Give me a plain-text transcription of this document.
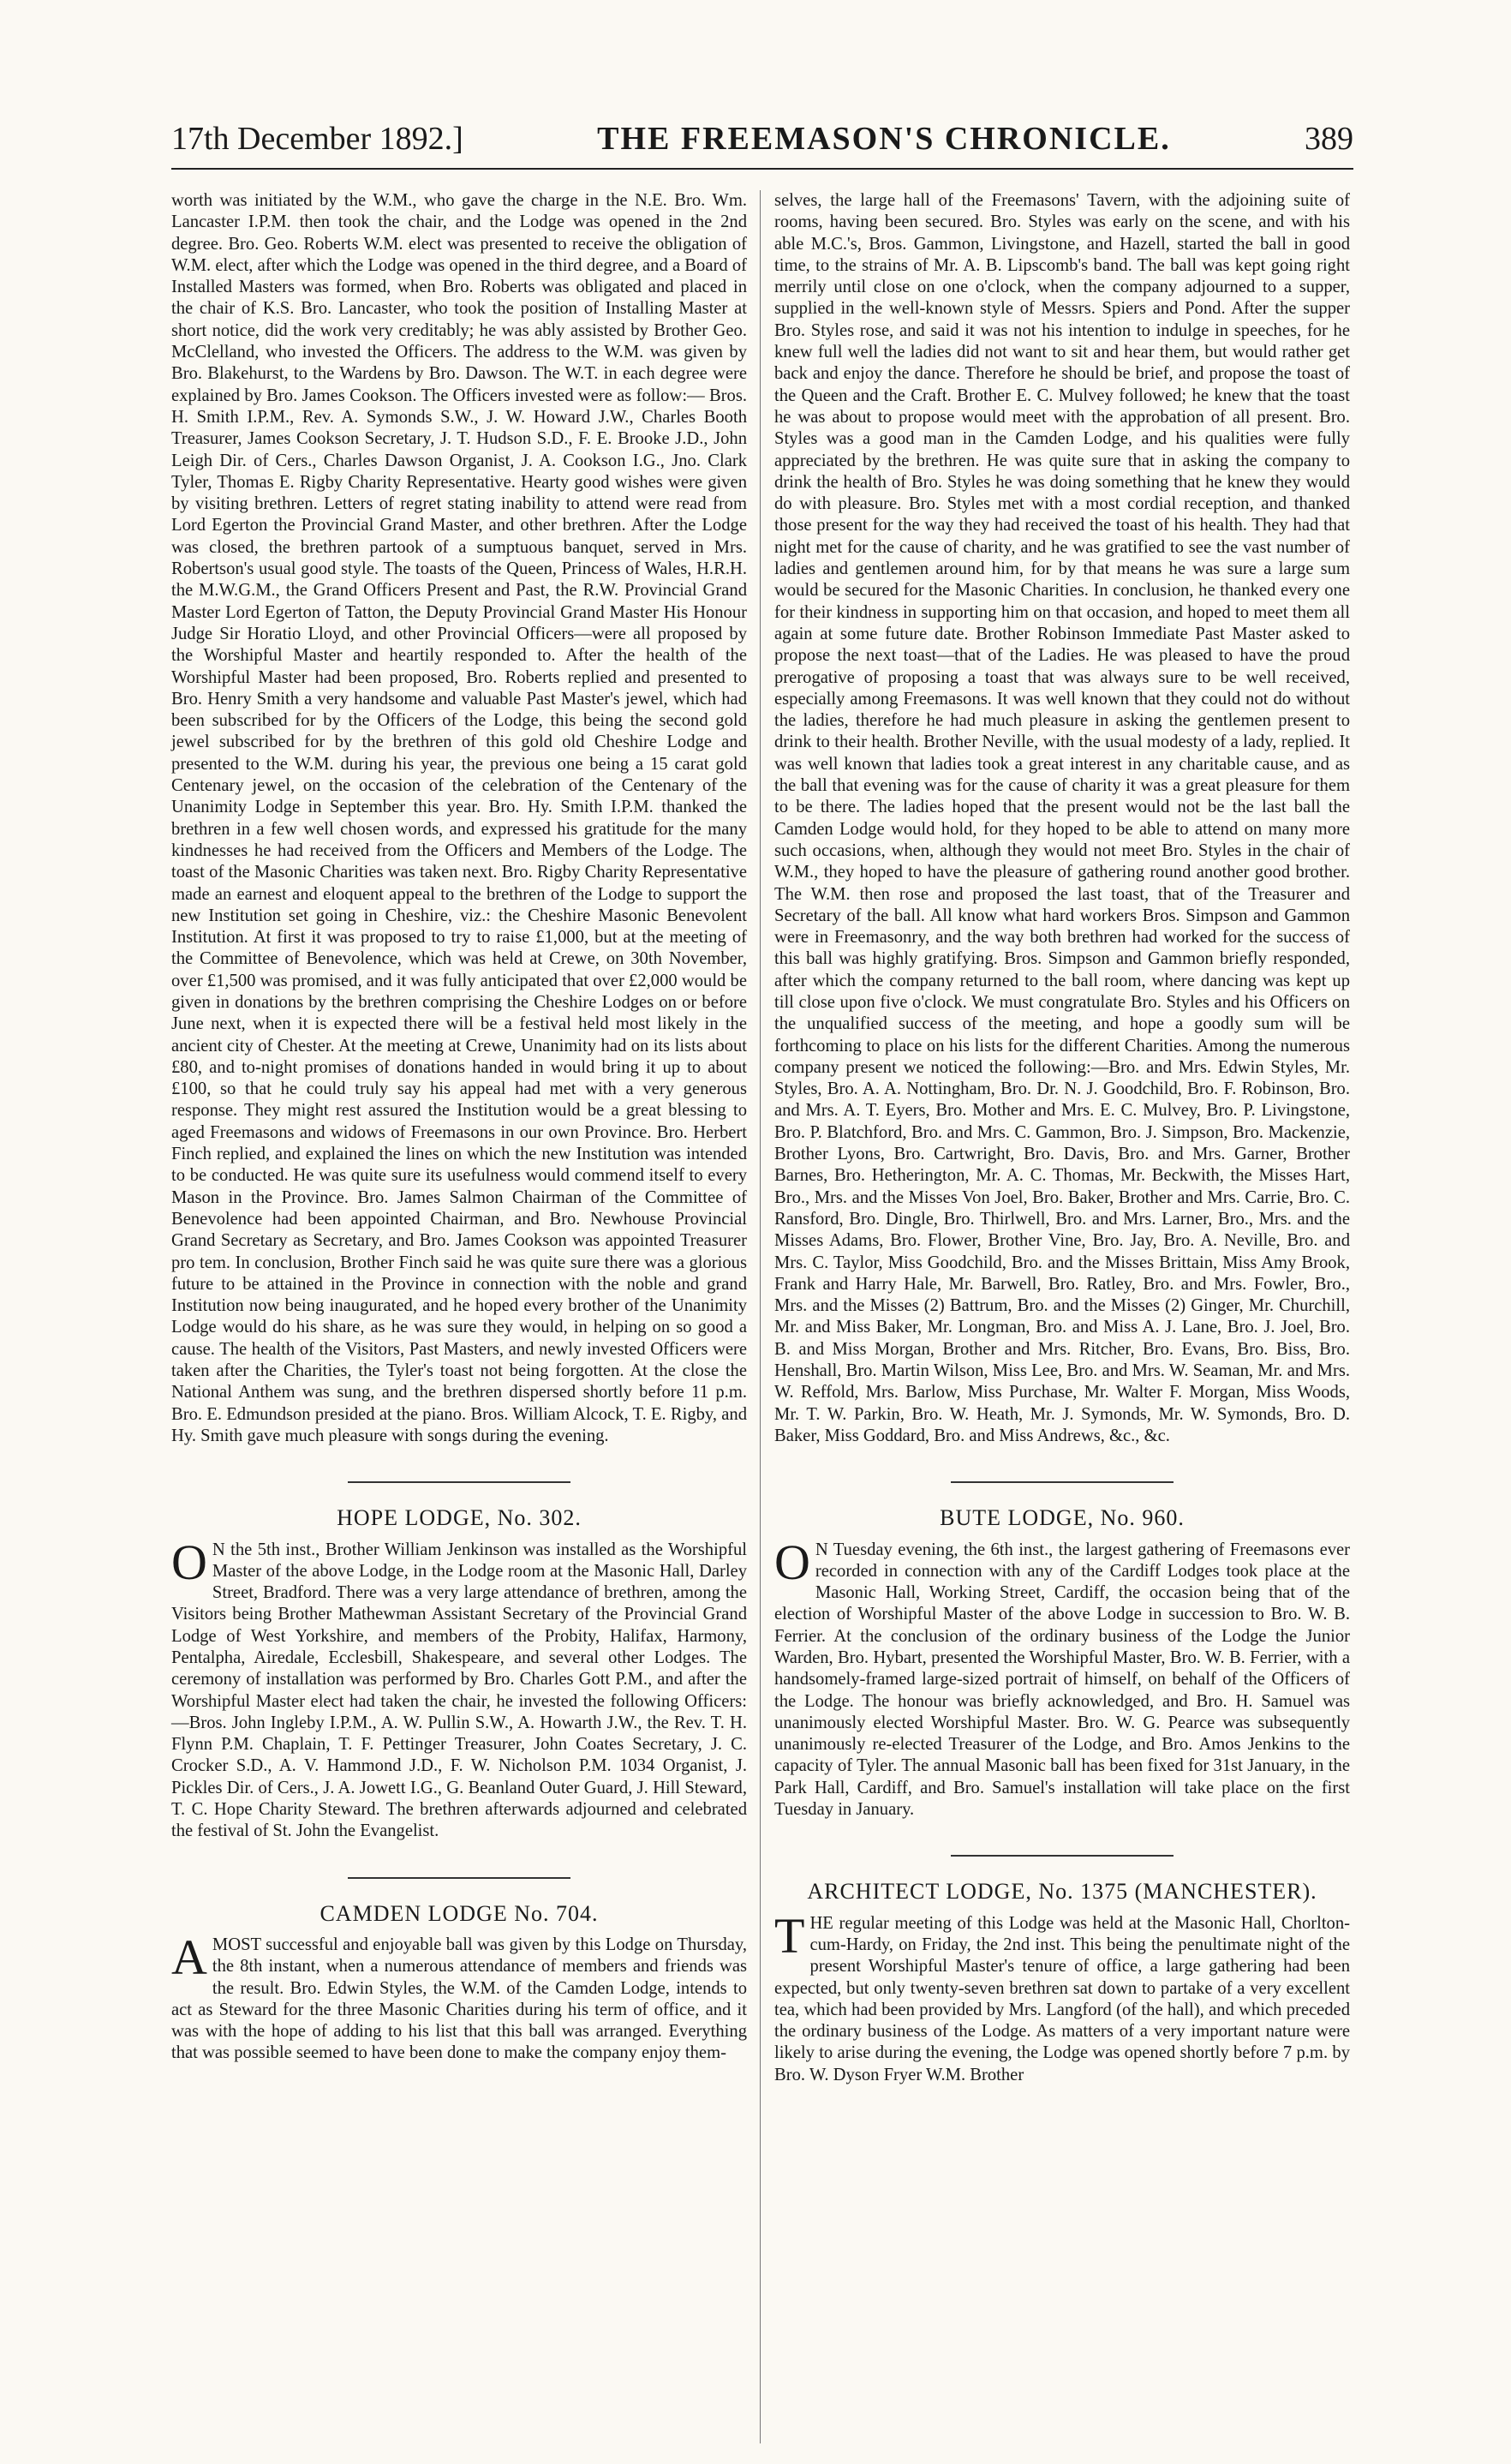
17th December 1892.]	THE FREEMASON'S CHRONICLE.	389

worth was initiated by the W.M., who gave the charge in the N.E. Bro. Wm. Lancaster I.P.M. then took the chair, and the Lodge was opened in the 2nd degree. Bro. Geo. Roberts W.M. elect was presented to receive the obligation of W.M. elect, after which the Lodge was opened in the third degree, and a Board of Installed Masters was formed, when Bro. Roberts was obligated and placed in the chair of K.S. Bro. Lancaster, who took the position of Installing Master at short notice, did the work very creditably; he was ably assisted by Brother Geo. McClelland, who invested the Officers. The address to the W.M. was given by Bro. Blakehurst, to the Wardens by Bro. Dawson. The W.T. in each degree were explained by Bro. James Cookson. The Officers invested were as follow:— Bros. H. Smith I.P.M., Rev. A. Symonds S.W., J. W. Howard J.W., Charles Booth Treasurer, James Cookson Secretary, J. T. Hudson S.D., F. E. Brooke J.D., John Leigh Dir. of Cers., Charles Dawson Organist, J. A. Cookson I.G., Jno. Clark Tyler, Thomas E. Rigby Charity Representative. Hearty good wishes were given by visiting brethren. Letters of regret stating inability to attend were read from Lord Egerton the Provincial Grand Master, and other brethren. After the Lodge was closed, the brethren partook of a sumptuous banquet, served in Mrs. Robertson's usual good style. The toasts of the Queen, Princess of Wales, H.R.H. the M.W.G.M., the Grand Officers Present and Past, the R.W. Provincial Grand Master Lord Egerton of Tatton, the Deputy Provincial Grand Master His Honour Judge Sir Horatio Lloyd, and other Provincial Officers—were all proposed by the Worshipful Master and heartily responded to. After the health of the Worshipful Master had been proposed, Bro. Roberts replied and presented to Bro. Henry Smith a very handsome and valuable Past Master's jewel, which had been subscribed for by the Officers of the Lodge, this being the second gold jewel subscribed for by the brethren of this gold old Cheshire Lodge and presented to the W.M. during his year, the previous one being a 15 carat gold Centenary jewel, on the occasion of the celebration of the Centenary of the Unanimity Lodge in September this year. Bro. Hy. Smith I.P.M. thanked the brethren in a few well chosen words, and expressed his gratitude for the many kindnesses he had received from the Officers and Members of the Lodge. The toast of the Masonic Charities was taken next. Bro. Rigby Charity Representative made an earnest and eloquent appeal to the brethren of the Lodge to support the new Institution set going in Cheshire, viz.: the Cheshire Masonic Benevolent Institution. At first it was proposed to try to raise £1,000, but at the meeting of the Committee of Benevolence, which was held at Crewe, on 30th November, over £1,500 was promised, and it was fully anticipated that over £2,000 would be given in donations by the brethren comprising the Cheshire Lodges on or before June next, when it is expected there will be a festival held most likely in the ancient city of Chester. At the meeting at Crewe, Unanimity had on its lists about £80, and to-night promises of donations handed in would bring it up to about £100, so that he could truly say his appeal had met with a very generous response. They might rest assured the Institution would be a great blessing to aged Freemasons and widows of Freemasons in our own Province. Bro. Herbert Finch replied, and explained the lines on which the new Institution was intended to be conducted. He was quite sure its usefulness would commend itself to every Mason in the Province. Bro. James Salmon Chairman of the Committee of Benevolence had been appointed Chairman, and Bro. Newhouse Provincial Grand Secretary as Secretary, and Bro. James Cookson was appointed Treasurer pro tem. In conclusion, Brother Finch said he was quite sure there was a glorious future to be attained in the Province in connection with the noble and grand Institution now being inaugurated, and he hoped every brother of the Unanimity Lodge would do his share, as he was sure they would, in helping on so good a cause. The health of the Visitors, Past Masters, and newly invested Officers were taken after the Charities, the Tyler's toast not being forgotten. At the close the National Anthem was sung, and the brethren dispersed shortly before 11 p.m. Bro. E. Edmundson presided at the piano. Bros. William Alcock, T. E. Rigby, and Hy. Smith gave much pleasure with songs during the evening.

HOPE LODGE, No. 302.

O N the 5th inst., Brother William Jenkinson was installed as the Worshipful Master of the above Lodge, in the Lodge room at the Masonic Hall, Darley Street, Bradford. There was a very large attendance of brethren, among the Visitors being Brother Mathewman Assistant Secretary of the Provincial Grand Lodge of West Yorkshire, and members of the Probity, Halifax, Harmony, Pentalpha, Airedale, Ecclesbill, Shakespeare, and several other Lodges. The ceremony of installation was performed by Bro. Charles Gott P.M., and after the Worshipful Master elect had taken the chair, he invested the following Officers:—Bros. John Ingleby I.P.M., A. W. Pullin S.W., A. Howarth J.W., the Rev. T. H. Flynn P.M. Chaplain, T. F. Pettinger Treasurer, John Coates Secretary, J. C. Crocker S.D., A. V. Hammond J.D., F. W. Nicholson P.M. 1034 Organist, J. Pickles Dir. of Cers., J. A. Jowett I.G., G. Beanland Outer Guard, J. Hill Steward, T. C. Hope Charity Steward. The brethren afterwards adjourned and celebrated the festival of St. John the Evangelist.

CAMDEN LODGE No. 704.

AMOST successful and enjoyable ball was given by this Lodge on Thursday, the 8th instant, when a numerous attendance of members and friends was the result. Bro. Edwin Styles, the W.M. of the Camden Lodge, intends to act as Steward for the three Masonic Charities during his term of office, and it was with the hope of adding to his list that this ball was arranged. Everything that was possible seemed to have been done to make the company enjoy them-

selves, the large hall of the Freemasons' Tavern, with the adjoining suite of rooms, having been secured. Bro. Styles was early on the scene, and with his able M.C.'s, Bros. Gammon, Livingstone, and Hazell, started the ball in good time, to the strains of Mr. A. B. Lipscomb's band. The ball was kept going right merrily until close on one o'clock, when the company adjourned to a supper, supplied in the well-known style of Messrs. Spiers and Pond. After the supper Bro. Styles rose, and said it was not his intention to indulge in speeches, for he knew full well the ladies did not want to sit and hear them, but would rather get back and enjoy the dance. Therefore he should be brief, and propose the toast of the Queen and the Craft. Brother E. C. Mulvey followed; he knew that the toast he was about to propose would meet with the approbation of all present. Bro. Styles was a good man in the Camden Lodge, and his qualities were fully appreciated by the brethren. He was quite sure that in asking the company to drink the health of Bro. Styles he was doing something that he knew they would do with pleasure. Bro. Styles met with a most cordial reception, and thanked those present for the way they had received the toast of his health. They had that night met for the cause of charity, and he was gratified to see the vast number of ladies and gentlemen around him, for by that means he was sure a large sum would be secured for the Masonic Charities. In conclusion, he thanked every one for their kindness in supporting him on that occasion, and hoped to meet them all again at some future date. Brother Robinson Immediate Past Master asked to propose the next toast—that of the Ladies. He was pleased to have the proud prerogative of proposing a toast that was always sure to be well received, especially among Freemasons. It was well known that they could not do without the ladies, therefore he had much pleasure in asking the gentlemen present to drink to their health. Brother Neville, with the usual modesty of a lady, replied. It was well known that ladies took a great interest in any charitable cause, and as the ball that evening was for the cause of charity it was a great pleasure for them to be there. The ladies hoped that the present would not be the last ball the Camden Lodge would hold, for they hoped to be able to attend on many more such occasions, when, although they would not meet Bro. Styles in the chair of W.M., they hoped to have the pleasure of gathering round another good brother. The W.M. then rose and proposed the last toast, that of the Treasurer and Secretary of the ball. All know what hard workers Bros. Simpson and Gammon were in Freemasonry, and the way both brethren had worked for the success of this ball was highly gratifying. Bros. Simpson and Gammon briefly responded, after which the company returned to the ball room, where dancing was kept up till close upon five o'clock. We must congratulate Bro. Styles and his Officers on the unqualified success of the meeting, and hope a goodly sum will be forthcoming to place on his lists for the different Charities. Among the numerous company present we noticed the following:—Bro. and Mrs. Edwin Styles, Mr. Styles, Bro. A. A. Nottingham, Bro. Dr. N. J. Goodchild, Bro. F. Robinson, Bro. and Mrs. A. T. Eyers, Bro. Mother and Mrs. E. C. Mulvey, Bro. P. Livingstone, Bro. P. Blatchford, Bro. and Mrs. C. Gammon, Bro. J. Simpson, Bro. Mackenzie, Brother Lyons, Bro. Cartwright, Bro. Davis, Bro. and Mrs. Garner, Brother Barnes, Bro. Hetherington, Mr. A. C. Thomas, Mr. Beckwith, the Misses Hart, Bro., Mrs. and the Misses Von Joel, Bro. Baker, Brother and Mrs. Carrie, Bro. C. Ransford, Bro. Dingle, Bro. Thirlwell, Bro. and Mrs. Larner, Bro., Mrs. and the Misses Adams, Bro. Flower, Brother Vine, Bro. Jay, Bro. A. Neville, Bro. and Mrs. C. Taylor, Miss Goodchild, Bro. and the Misses Brittain, Miss Amy Brook, Frank and Harry Hale, Mr. Barwell, Bro. Ratley, Bro. and Mrs. Fowler, Bro., Mrs. and the Misses (2) Battrum, Bro. and the Misses (2) Ginger, Mr. Churchill, Mr. and Miss Baker, Mr. Longman, Bro. and Miss A. J. Lane, Bro. J. Joel, Bro. B. and Miss Morgan, Brother and Mrs. Ritcher, Bro. Evans, Bro. Biss, Bro. Henshall, Bro. Martin Wilson, Miss Lee, Bro. and Mrs. W. Seaman, Mr. and Mrs. W. Reffold, Mrs. Barlow, Miss Purchase, Mr. Walter F. Morgan, Miss Woods, Mr. T. W. Parkin, Bro. W. Heath, Mr. J. Symonds, Mr. W. Symonds, Bro. D. Baker, Miss Goddard, Bro. and Miss Andrews, &c., &c.

BUTE LODGE, No. 960.

O N Tuesday evening, the 6th inst., the largest gathering of Freemasons ever recorded in connection with any of the Cardiff Lodges took place at the Masonic Hall, Working Street, Cardiff, the occasion being that of the election of Worshipful Master of the above Lodge in succession to Bro. W. B. Ferrier. At the conclusion of the ordinary business of the Lodge the Junior Warden, Bro. Hybart, presented the Worshipful Master, Bro. W. B. Ferrier, with a handsomely-framed large-sized portrait of himself, on behalf of the Officers of the Lodge. The honour was briefly acknowledged, and Bro. H. Samuel was unanimously elected Worshipful Master. Bro. W. G. Pearce was subsequently unanimously re-elected Treasurer of the Lodge, and Bro. Amos Jenkins to the capacity of Tyler. The annual Masonic ball has been fixed for 31st January, in the Park Hall, Cardiff, and Bro. Samuel's installation will take place on the first Tuesday in January.

ARCHITECT LODGE, No. 1375 (MANCHESTER).

THE regular meeting of this Lodge was held at the Masonic Hall, Chorlton-cum-Hardy, on Friday, the 2nd inst. This being the penultimate night of the present Worshipful Master's tenure of office, a large gathering had been expected, but only twenty-seven brethren sat down to partake of a very excellent tea, which had been provided by Mrs. Langford (of the hall), and which preceded the ordinary business of the Lodge. As matters of a very important nature were likely to arise during the evening, the Lodge was opened shortly before 7 p.m. by Bro. W. Dyson Fryer W.M. Brother
